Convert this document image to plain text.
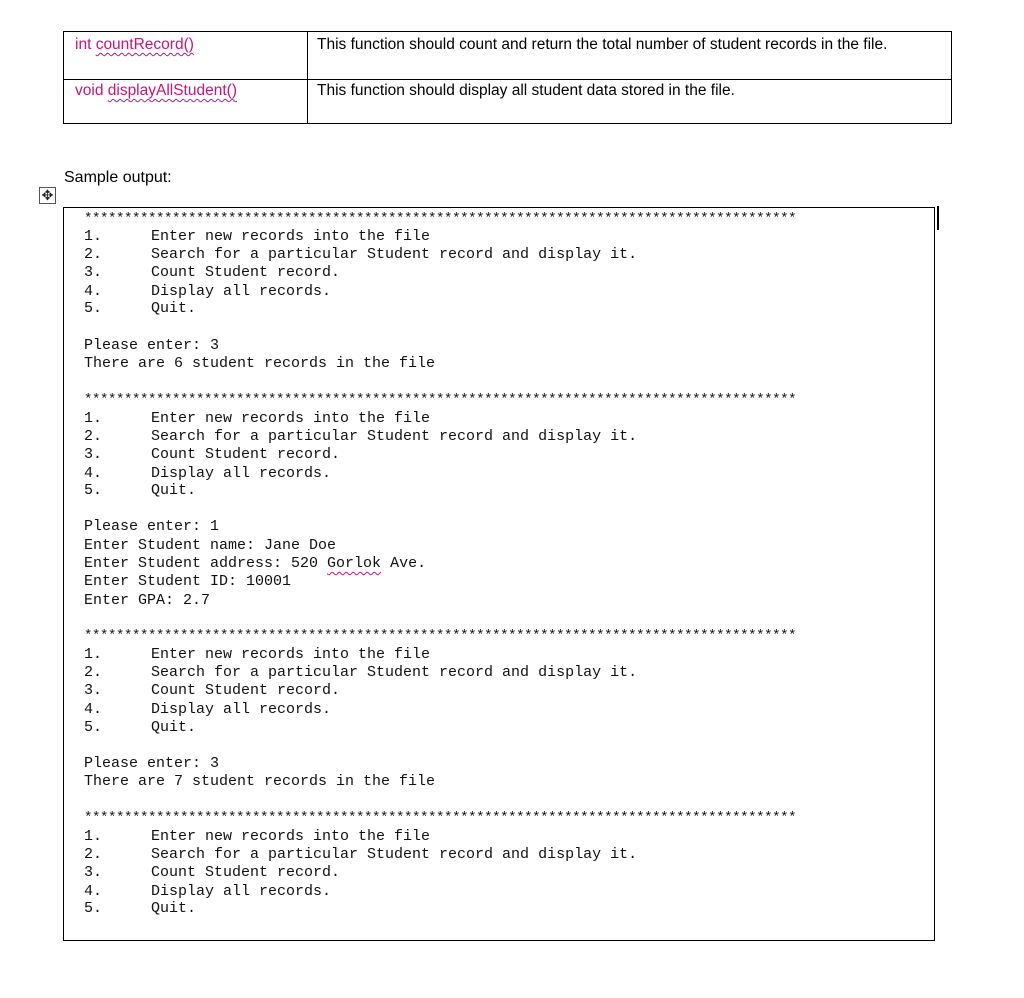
int countRecord()	This function should count and return the total number of student records in the file.
void displayAllStudent()	This function should display all student data stored in the file.
Sample output:
✥
*****************************************************************************************
1.	Enter new records into the file
2.	Search for a particular Student record and display it.
3.	Count Student record.
4.	Display all records.
5.	Quit.
Please enter: 3
There are 6 student records in the file
*****************************************************************************************
1.	Enter new records into the file
2.	Search for a particular Student record and display it.
3.	Count Student record.
4.	Display all records.
5.	Quit.
Please enter: 1
Enter Student name: Jane Doe
Enter Student address: 520 Gorlok Ave.
Enter Student ID: 10001
Enter GPA: 2.7
*****************************************************************************************
1.	Enter new records into the file
2.	Search for a particular Student record and display it.
3.	Count Student record.
4.	Display all records.
5.	Quit.
Please enter: 3
There are 7 student records in the file
*****************************************************************************************
1.	Enter new records into the file
2.	Search for a particular Student record and display it.
3.	Count Student record.
4.	Display all records.
5.	Quit.
